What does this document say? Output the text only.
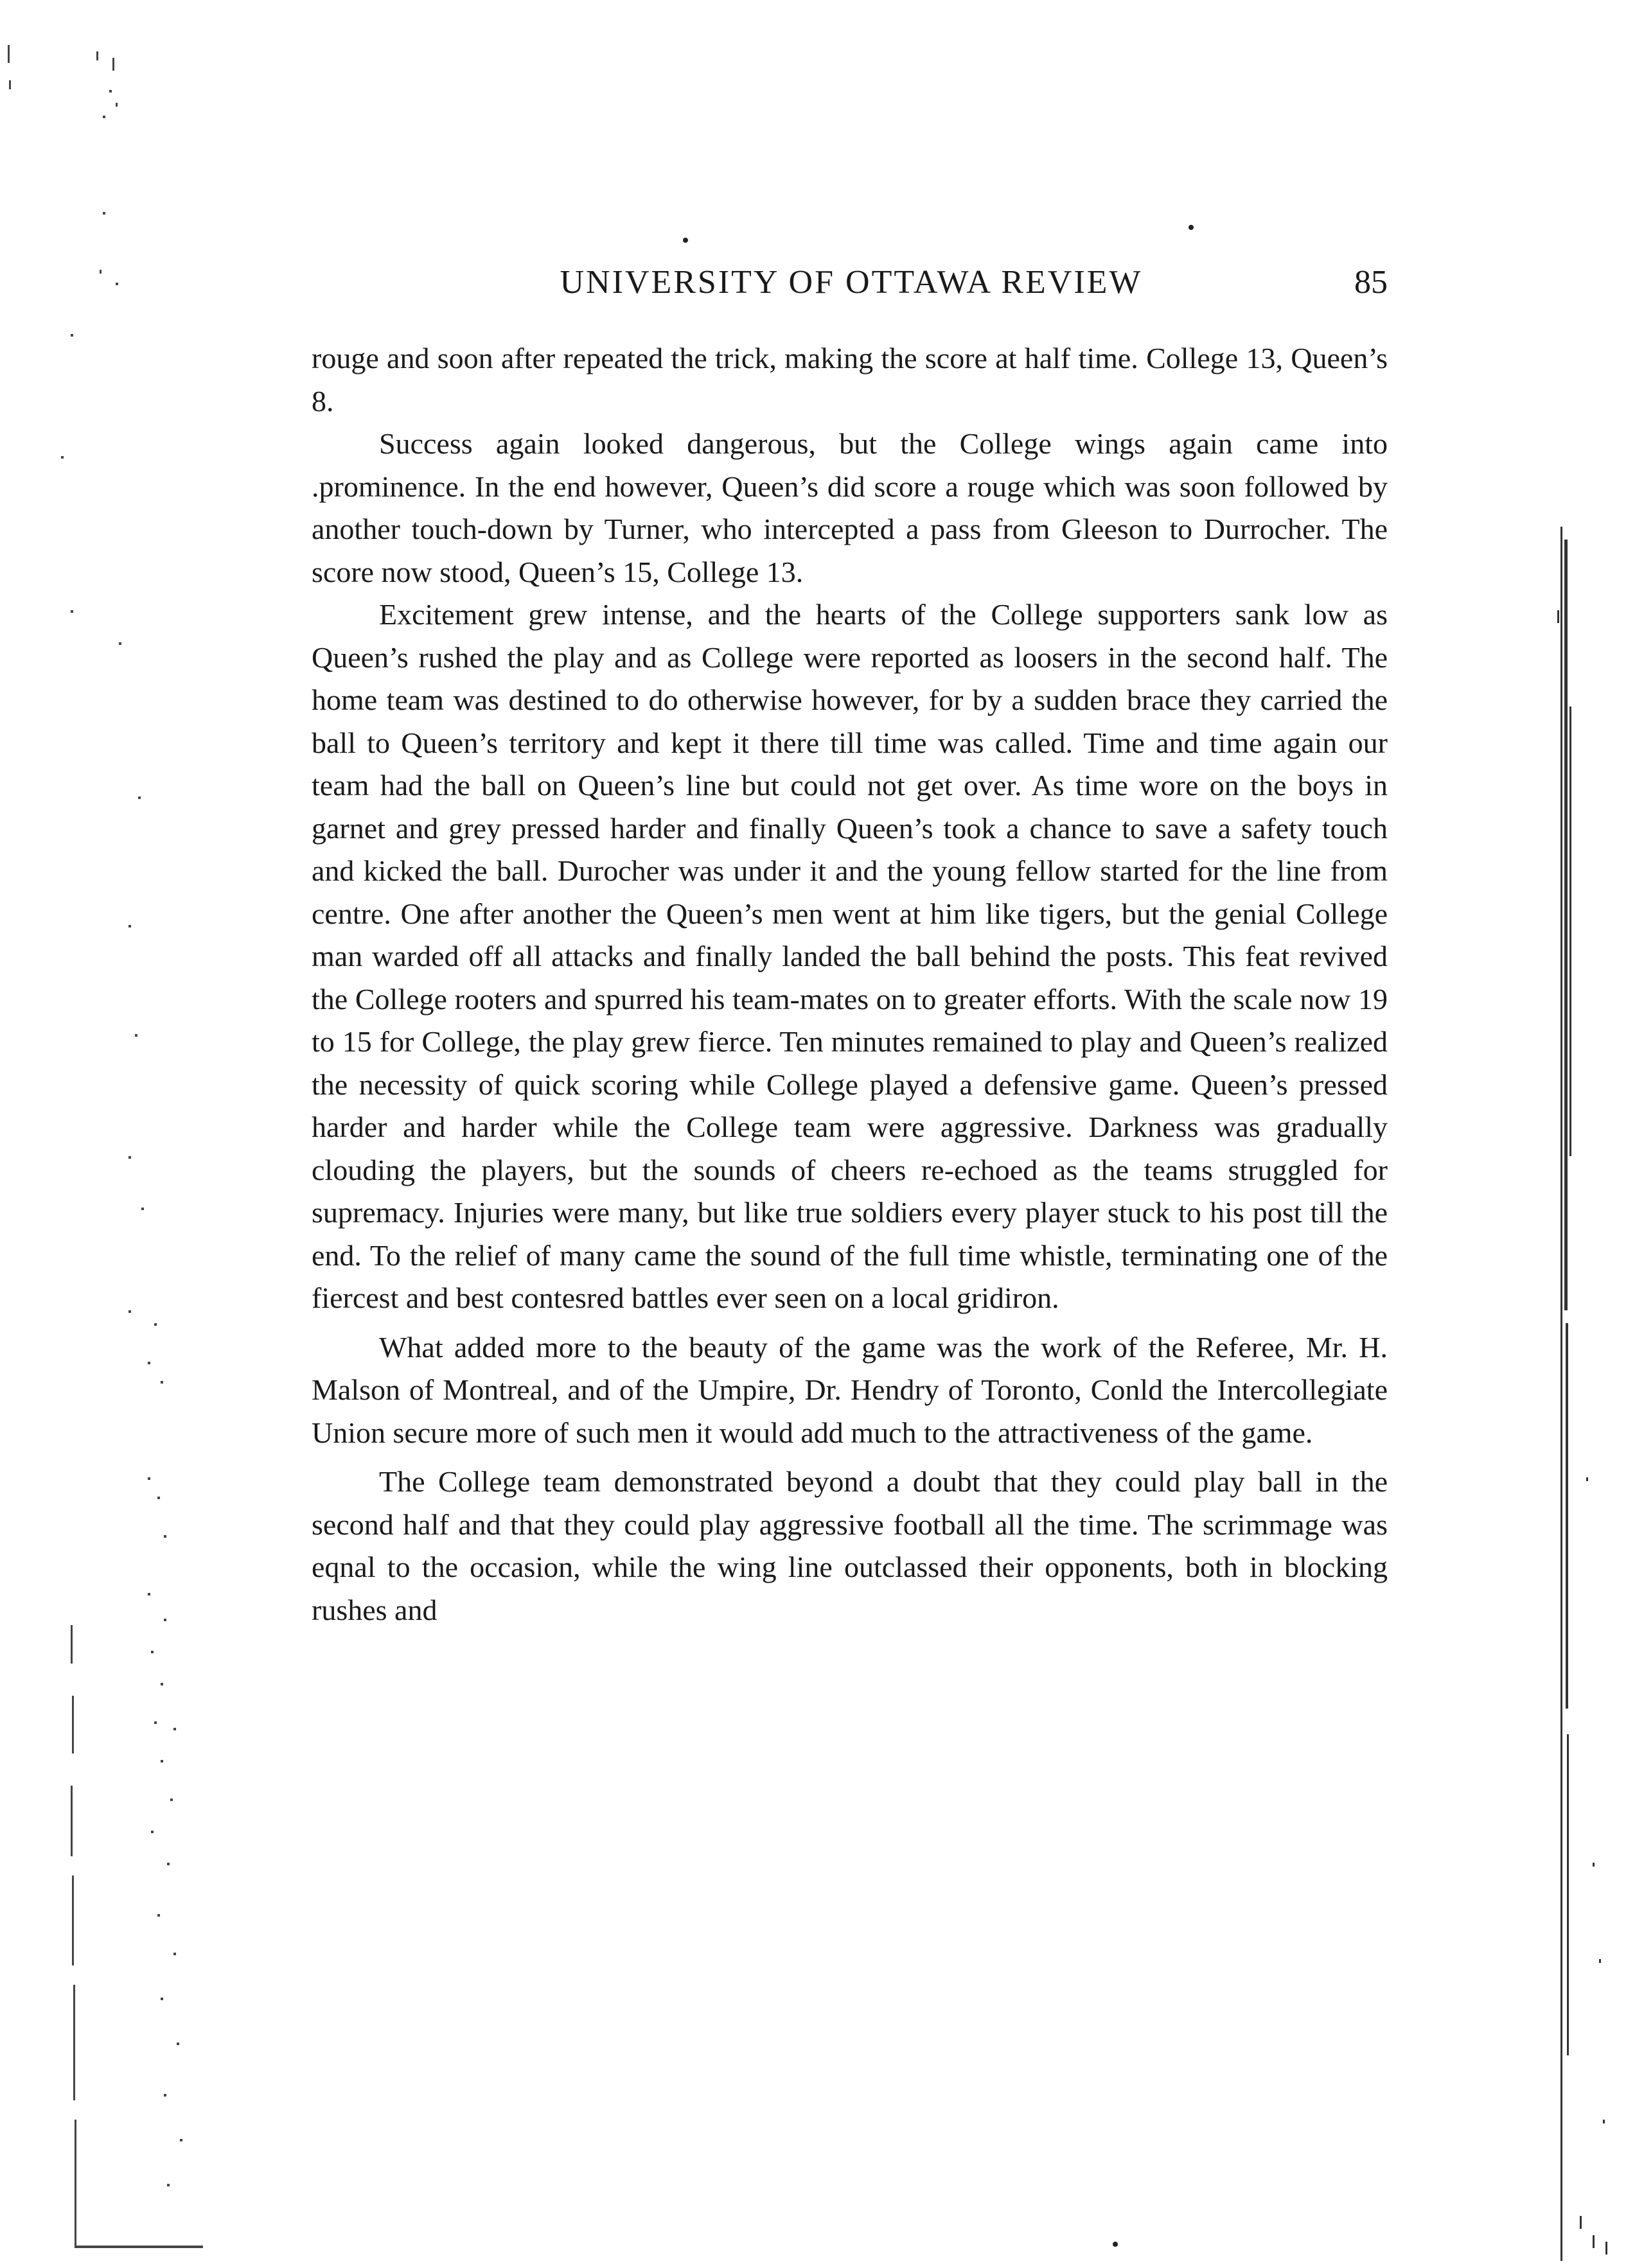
UNIVERSITY OF OTTAWA REVIEW	85

rouge and soon after repeated the trick, making the score at half time. College 13, Queen’s 8.

Success again looked dangerous, but the College wings again came into .prominence. In the end however, Queen’s did score a rouge which was soon followed by another touch-down by Turner, who intercepted a pass from Gleeson to Durrocher. The score now stood, Queen’s 15, College 13.

Excitement grew intense, and the hearts of the College supporters sank low as Queen’s rushed the play and as College were reported as loosers in the second half. The home team was destined to do otherwise however, for by a sudden brace they carried the ball to Queen’s territory and kept it there till time was called. Time and time again our team had the ball on Queen’s line but could not get over. As time wore on the boys in garnet and grey pressed harder and finally Queen’s took a chance to save a safety touch and kicked the ball. Durocher was under it and the young fellow started for the line from centre. One after another the Queen’s men went at him like tigers, but the genial College man warded off all attacks and finally landed the ball behind the posts. This feat revived the College rooters and spurred his team-mates on to greater efforts. With the scale now 19 to 15 for College, the play grew fierce. Ten minutes remained to play and Queen’s realized the necessity of quick scoring while College played a defensive game. Queen’s pressed harder and harder while the College team were aggressive. Darkness was gradually clouding the players, but the sounds of cheers re-echoed as the teams struggled for supremacy. Injuries were many, but like true soldiers every player stuck to his post till the end. To the relief of many came the sound of the full time whistle, terminating one of the fiercest and best contesred battles ever seen on a local gridiron.

What added more to the beauty of the game was the work of the Referee, Mr. H. Malson of Montreal, and of the Umpire, Dr. Hendry of Toronto, Conld the Intercollegiate Union secure more of such men it would add much to the attractiveness of the game.

The College team demonstrated beyond a doubt that they could play ball in the second half and that they could play aggressive football all the time. The scrimmage was eqnal to the occasion, while the wing line outclassed their opponents, both in blocking rushes and
